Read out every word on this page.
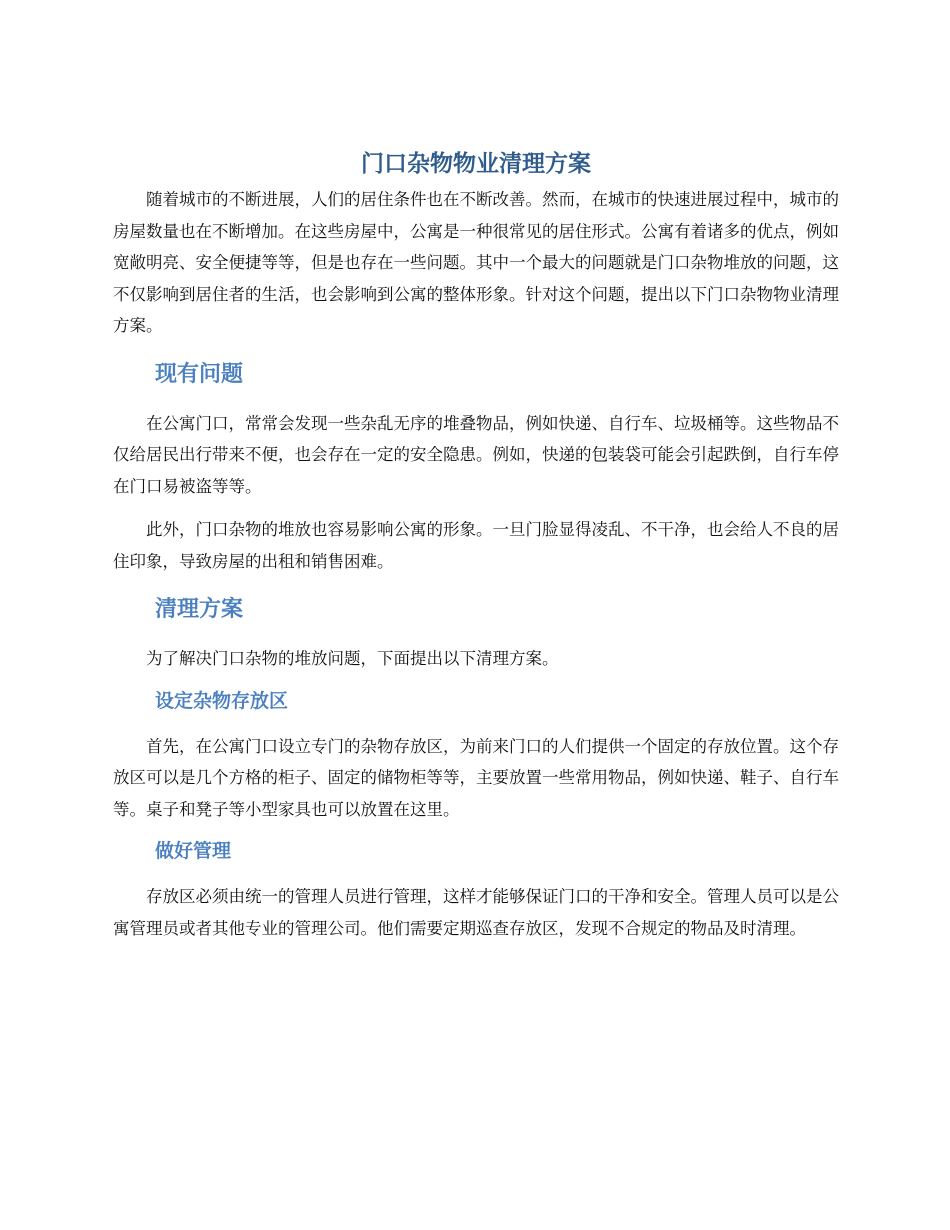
门口杂物物业清理方案

随着城市的不断进展，人们的居住条件也在不断改善。然而，在城市的快速进展过程中，城市的房屋数量也在不断增加。在这些房屋中，公寓是一种很常见的居住形式。公寓有着诸多的优点，例如宽敞明亮、安全便捷等等，但是也存在一些问题。其中一个最大的问题就是门口杂物堆放的问题，这不仅影响到居住者的生活，也会影响到公寓的整体形象。针对这个问题，提出以下门口杂物物业清理方案。

现有问题

在公寓门口，常常会发现一些杂乱无序的堆叠物品，例如快递、自行车、垃圾桶等。这些物品不仅给居民出行带来不便，也会存在一定的安全隐患。例如，快递的包装袋可能会引起跌倒，自行车停在门口易被盗等等。

此外，门口杂物的堆放也容易影响公寓的形象。一旦门脸显得凌乱、不干净，也会给人不良的居住印象，导致房屋的出租和销售困难。

清理方案

为了解决门口杂物的堆放问题，下面提出以下清理方案。

设定杂物存放区

首先，在公寓门口设立专门的杂物存放区，为前来门口的人们提供一个固定的存放位置。这个存放区可以是几个方格的柜子、固定的储物柜等等，主要放置一些常用物品，例如快递、鞋子、自行车等。桌子和凳子等小型家具也可以放置在这里。

做好管理

存放区必须由统一的管理人员进行管理，这样才能够保证门口的干净和安全。管理人员可以是公寓管理员或者其他专业的管理公司。他们需要定期巡查存放区，发现不合规定的物品及时清理。
